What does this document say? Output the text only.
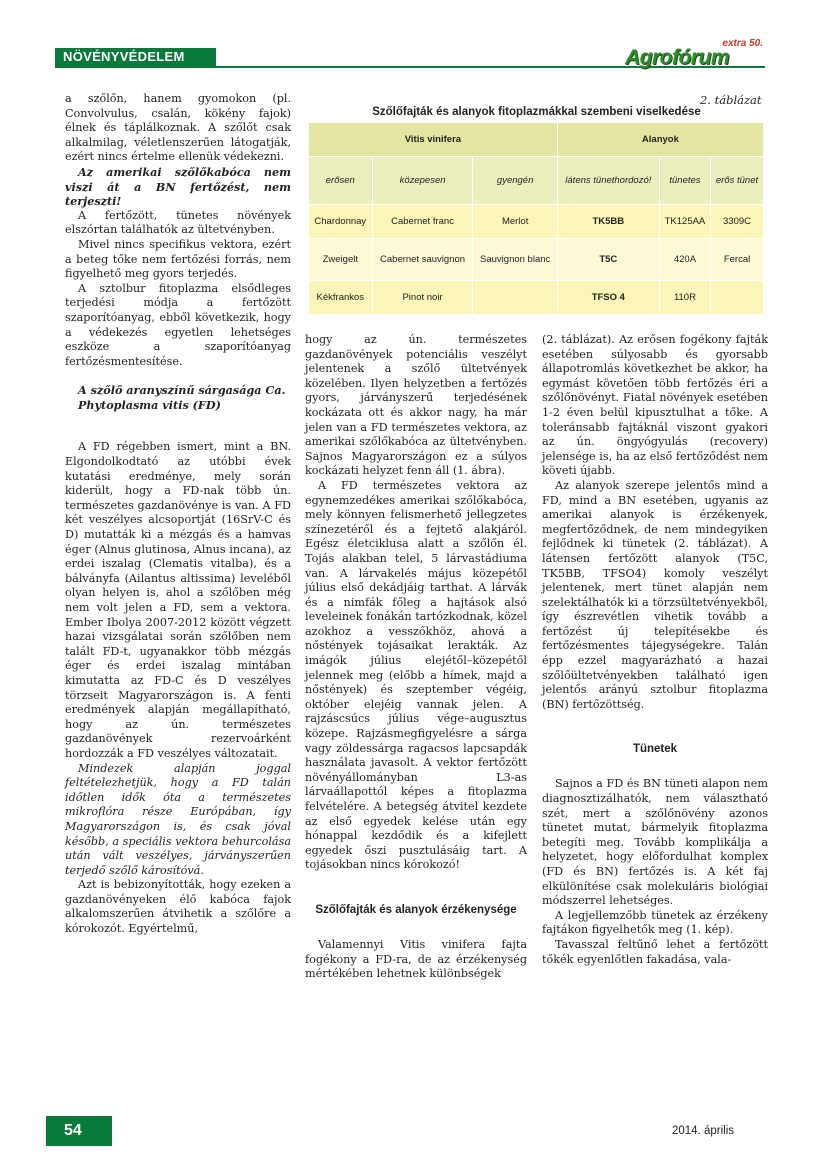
NÖVÉNYVÉDELEM
extra 50.
Agrofórum

a szőlőn, hanem gyomokon (pl. Convolvulus, csalán, kökény fajok) élnek és táplálkoznak. A szőlőt csak alkalmilag, véletlenszerűen látogatják, ezért nincs értelme ellenük védekezni.

Az amerikai szőlőkabóca nem viszi át a BN fertőzést, nem terjeszti!

A fertőzött, tünetes növények elszórtan találhatók az ültetvényben.

Mivel nincs specifikus vektora, ezért a beteg tőke nem fertőzési forrás, nem figyelhető meg gyors terjedés.

A sztolbur fitoplazma elsődleges terjedési módja a fertőzött szaporítóanyag, ebből következik, hogy a védekezés egyetlen lehetséges eszköze a szaporítóanyag fertőzésmentesítése.

A szőlő aranyszínű sárgasága Ca. Phytoplasma vitis (FD)

A FD régebben ismert, mint a BN. Elgondolkodtató az utóbbi évek kutatási eredménye, mely során kiderült, hogy a FD-nak több ún. természetes gazdanövénye is van. A FD két veszélyes alcsoportját (16SrV-C és D) mutatták ki a mézgás és a hamvas éger (Alnus glutinosa, Alnus incana), az erdei iszalag (Clematis vitalba), és a bálványfa (Ailantus altissima) leveléből olyan helyen is, ahol a szőlőben még nem volt jelen a FD, sem a vektora. Ember Ibolya 2007-2012 között végzett hazai vizsgálatai során szőlőben nem talált FD-t, ugyanakkor több mézgás éger és erdei iszalag mintában kimutatta az FD-C és D veszélyes törzseit Magyarországon is. A fenti eredmények alapján megállapítható, hogy az ún. természetes gazdanövények rezervoárként hordozzák a FD veszélyes változatait.

Mindezek alapján joggal feltételezhetjük, hogy a FD talán időtlen idők óta a természetes mikroflóra része Európában, így Magyarországon is, és csak jóval később, a speciális vektora behurcolása után vált veszélyes, járványszerűen terjedő szőlő károsítóvá.

Azt is bebizonyították, hogy ezeken a gazdanövényeken élő kabóca fajok alkalomszerűen átvihetik a szőlőre a kórokozót. Egyértelmű,

2. táblázat
Szőlőfajták és alanyok fitoplazmákkal szembeni viselkedése
Vitis vinifera			Alanyok		
erősen	közepesen	gyengén	látens tünethordozó!	tünetes	erős tünet
Chardonnay	Cabernet franc	Merlot	TK5BB	TK125AA	3309C
Zweigelt	Cabernet sauvignon	Sauvignon blanc	T5C	420A	Fercal
Kékfrankos	Pinot noir		TFSO 4	110R	

hogy az ún. természetes gazdanövények potenciális veszélyt jelentenek a szőlő ültetvények közelében. Ilyen helyzetben a fertőzés gyors, járványszerű terjedésének kockázata ott és akkor nagy, ha már jelen van a FD természetes vektora, az amerikai szőlőkabóca az ültetvényben. Sajnos Magyarországon ez a súlyos kockázati helyzet fenn áll (1. ábra).

A FD természetes vektora az egynemzedékes amerikai szőlőkabóca, mely könnyen felismerhető jellegzetes színezetéről és a fejtető alakjáról. Egész életciklusa alatt a szőlőn él. Tojás alakban telel, 5 lárvastádiuma van. A lárvakelés május közepétől július első dekádjáig tarthat. A lárvák és a nimfák főleg a hajtások alsó leveleinek fonákán tartózkodnak, közel azokhoz a vesszőkhöz, ahová a nőstények tojásaikat lerakták. Az imágók július elejétől–közepétől jelennek meg (előbb a hímek, majd a nőstények) és szeptember végéig, október elejéig vannak jelen. A rajzáscsúcs július vége–augusztus közepe. Rajzásmegfigyelésre a sárga vagy zöldessárga ragacsos lapcsapdák használata javasolt. A vektor fertőzött növényállományban L3-as lárvaállapottól képes a fitoplazma felvételére. A betegség átvitel kezdete az első egyedek kelése után egy hónappal kezdődik és a kifejlett egyedek őszi pusztulásáig tart. A tojásokban nincs kórokozó!

Szőlőfajták és alanyok érzékenysége

Valamennyi Vitis vinifera fajta fogékony a FD-ra, de az érzékenység mértékében lehetnek különbségek

(2. táblázat). Az erősen fogékony fajták esetében súlyosabb és gyorsabb állapotromlás következhet be akkor, ha egymást követően több fertőzés éri a szőlőnövényt. Fiatal növények esetében 1-2 éven belül kipusztulhat a tőke. A toleránsabb fajtáknál viszont gyakori az ún. öngyógyulás (recovery) jelensége is, ha az első fertőződést nem követi újabb.

Az alanyok szerepe jelentős mind a FD, mind a BN esetében, ugyanis az amerikai alanyok is érzékenyek, megfertőződnek, de nem mindegyiken fejlődnek ki tünetek (2. táblázat). A látensen fertőzött alanyok (T5C, TK5BB, TFSO4) komoly veszélyt jelentenek, mert tünet alapján nem szelektálhatók ki a törzsültetvényekből, így észrevétlen vihetik tovább a fertőzést új telepítésekbe és fertőzésmentes tájegységekre. Talán épp ezzel magyarázható a hazai szőlőültetvényekben található igen jelentős arányú sztolbur fitoplazma (BN) fertőzöttség.

Tünetek

Sajnos a FD és BN tüneti alapon nem diagnosztizálhatók, nem választható szét, mert a szőlőnövény azonos tünetet mutat, bármelyik fitoplazma betegíti meg. Tovább komplikálja a helyzetet, hogy előfordulhat komplex (FD és BN) fertőzés is. A két faj elkülönítése csak molekuláris biológiai módszerrel lehetséges.

A legjellemzőbb tünetek az érzékeny fajtákon figyelhetők meg (1. kép).

Tavasszal feltűnő lehet a fertőzött tőkék egyenlőtlen fakadása, vala-

54	2014. április
